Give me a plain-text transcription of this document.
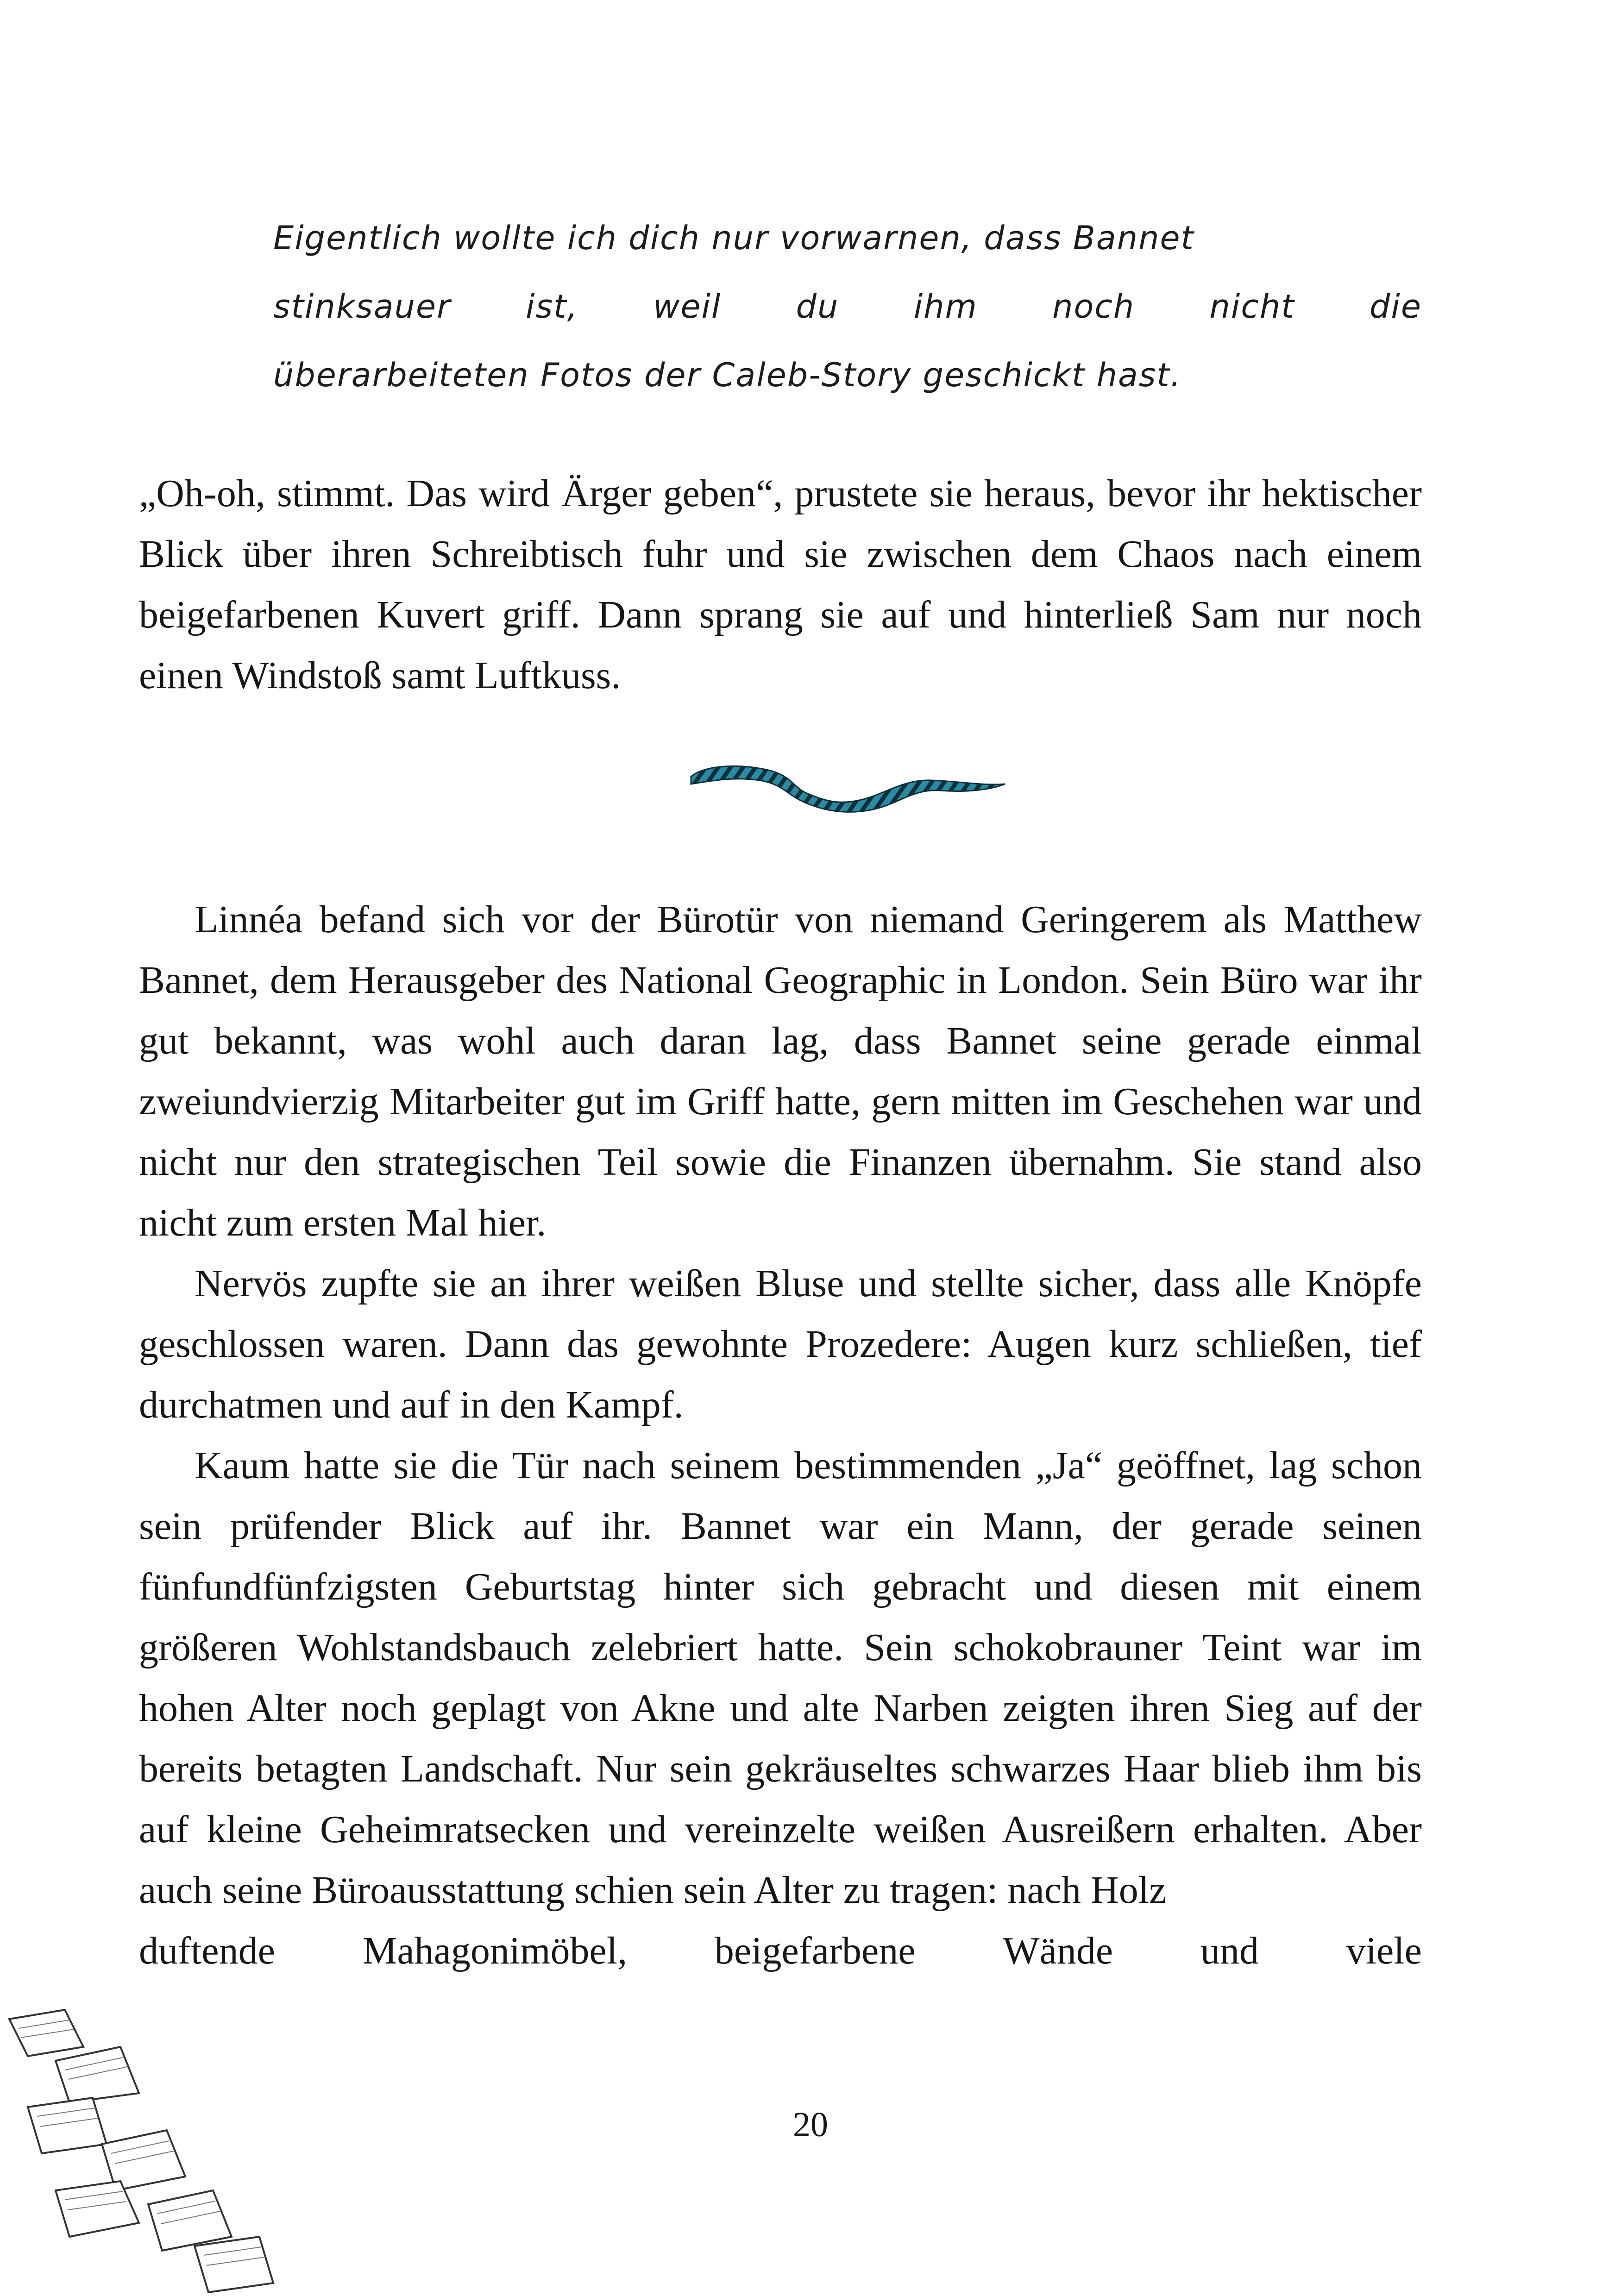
Eigentlich wollte ich dich nur vorwarnen, dass Bannet
stinksauer ist, weil du ihm noch nicht die
überarbeiteten Fotos der Caleb-Story geschickt hast.

„Oh-oh, stimmt. Das wird Ärger geben“, prustete sie heraus, bevor ihr hektischer Blick über ihren Schreibtisch fuhr und sie zwischen dem Chaos nach einem beigefarbenen Kuvert griff. Dann sprang sie auf und hinterließ Sam nur noch einen Windstoß samt Luftkuss.

Linnéa befand sich vor der Bürotür von niemand Geringerem als Matthew Bannet, dem Herausgeber des National Geographic in London. Sein Büro war ihr gut bekannt, was wohl auch daran lag, dass Bannet seine gerade einmal zweiundvierzig Mitarbeiter gut im Griff hatte, gern mitten im Geschehen war und nicht nur den strategischen Teil sowie die Finanzen übernahm. Sie stand also nicht zum ersten Mal hier.

Nervös zupfte sie an ihrer weißen Bluse und stellte sicher, dass alle Knöpfe geschlossen waren. Dann das gewohnte Prozedere: Augen kurz schließen, tief durchatmen und auf in den Kampf.

Kaum hatte sie die Tür nach seinem bestimmenden „Ja“ geöffnet, lag schon sein prüfender Blick auf ihr. Bannet war ein Mann, der gerade seinen fünfundfünfzigsten Geburtstag hinter sich gebracht und diesen mit einem größeren Wohlstandsbauch zelebriert hatte. Sein schokobrauner Teint war im hohen Alter noch geplagt von Akne und alte Narben zeigten ihren Sieg auf der bereits betagten Landschaft. Nur sein gekräuseltes schwarzes Haar blieb ihm bis auf kleine Geheimratsecken und vereinzelte weißen Ausreißern erhalten. Aber auch seine Büroausstattung schien sein Alter zu tragen: nach Holz

duftende Mahagonimöbel, beigefarbene Wände und viele
20
